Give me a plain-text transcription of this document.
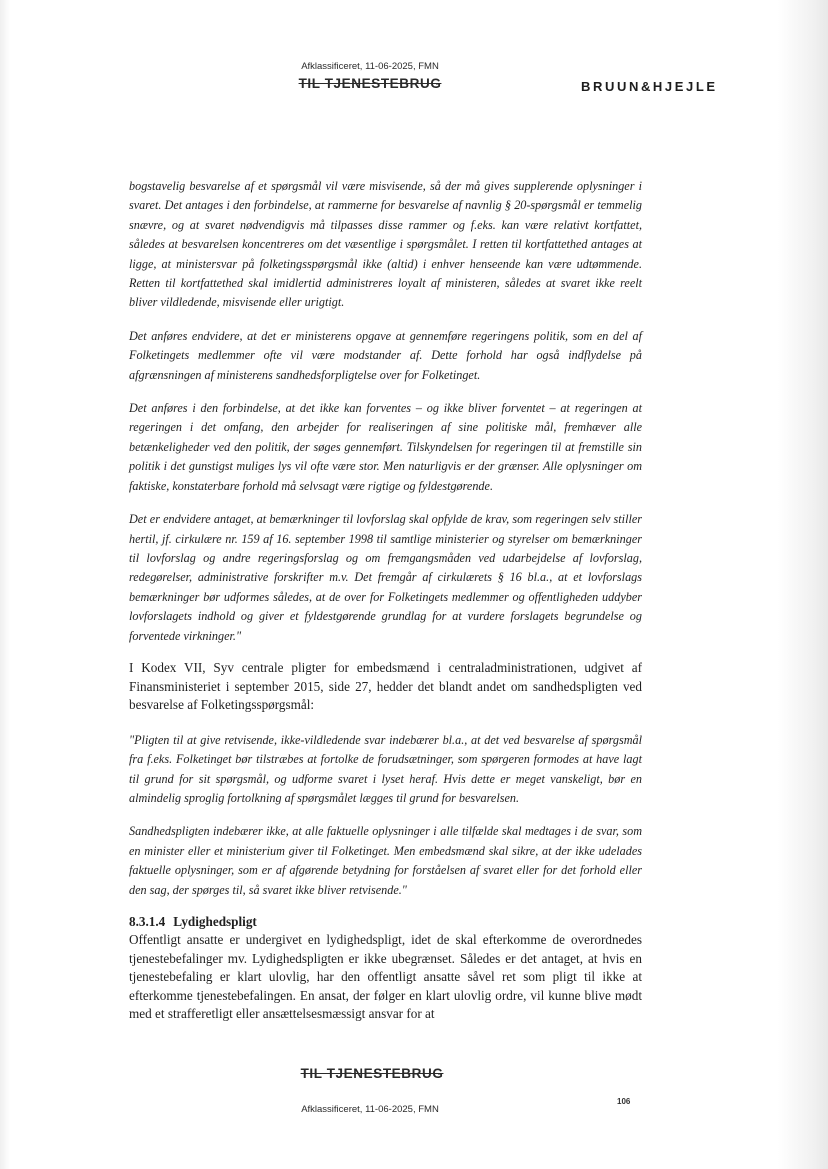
Afklassificeret, 11-06-2025, FMN
TIL TJENESTEBRUG	BRUUN&HJEJLE

bogstavelig besvarelse af et spørgsmål vil være misvisende, så der må gives supplerende oplysninger i svaret. Det antages i den forbindelse, at rammerne for besvarelse af navnlig § 20-spørgsmål er temmelig snævre, og at svaret nødvendigvis må tilpasses disse rammer og f.eks. kan være relativt kortfattet, således at besvarelsen koncentreres om det væsentlige i spørgsmålet. I retten til kortfattethed antages at ligge, at ministersvar på folketingsspørgsmål ikke (altid) i enhver henseende kan være udtømmende. Retten til kortfattethed skal imidlertid administreres loyalt af ministeren, således at svaret ikke reelt bliver vildledende, misvisende eller urigtigt.

Det anføres endvidere, at det er ministerens opgave at gennemføre regeringens politik, som en del af Folketingets medlemmer ofte vil være modstander af. Dette forhold har også indflydelse på afgrænsningen af ministerens sandhedsforpligtelse over for Folketinget.

Det anføres i den forbindelse, at det ikke kan forventes – og ikke bliver forventet – at regeringen at regeringen i det omfang, den arbejder for realiseringen af sine politiske mål, fremhæver alle betænkeligheder ved den politik, der søges gennemført. Tilskyndelsen for regeringen til at fremstille sin politik i det gunstigst muliges lys vil ofte være stor. Men naturligvis er der grænser. Alle oplysninger om faktiske, konstaterbare forhold må selvsagt være rigtige og fyldestgørende.

Det er endvidere antaget, at bemærkninger til lovforslag skal opfylde de krav, som regeringen selv stiller hertil, jf. cirkulære nr. 159 af 16. september 1998 til samtlige ministerier og styrelser om bemærkninger til lovforslag og andre regeringsforslag og om fremgangsmåden ved udarbejdelse af lovforslag, redegørelser, administrative forskrifter m.v. Det fremgår af cirkulærets § 16 bl.a., at et lovforslags bemærkninger bør udformes således, at de over for Folketingets medlemmer og offentligheden uddyber lovforslagets indhold og giver et fyldestgørende grundlag for at vurdere forslagets begrundelse og forventede virkninger."

I Kodex VII, Syv centrale pligter for embedsmænd i centraladministrationen, udgivet af Finansministeriet i september 2015, side 27, hedder det blandt andet om sandhedspligten ved besvarelse af Folketingsspørgsmål:

"Pligten til at give retvisende, ikke-vildledende svar indebærer bl.a., at det ved besvarelse af spørgsmål fra f.eks. Folketinget bør tilstræbes at fortolke de forudsætninger, som spørgeren formodes at have lagt til grund for sit spørgsmål, og udforme svaret i lyset heraf. Hvis dette er meget vanskeligt, bør en almindelig sproglig fortolkning af spørgsmålet lægges til grund for besvarelsen.

Sandhedspligten indebærer ikke, at alle faktuelle oplysninger i alle tilfælde skal medtages i de svar, som en minister eller et ministerium giver til Folketinget. Men embedsmænd skal sikre, at der ikke udelades faktuelle oplysninger, som er af afgørende betydning for forståelsen af svaret eller for det forhold eller den sag, der spørges til, så svaret ikke bliver retvisende."

8.3.1.4 Lydighedspligt

Offentligt ansatte er undergivet en lydighedspligt, idet de skal efterkomme de overordnedes tjenestebefalinger mv. Lydighedspligten er ikke ubegrænset. Således er det antaget, at hvis en tjenestebefaling er klart ulovlig, har den offentligt ansatte såvel ret som pligt til ikke at efterkomme tjenestebefalingen. En ansat, der følger en klart ulovlig ordre, vil kunne blive mødt med et strafferetligt eller ansættelsesmæssigt ansvar for at

TIL TJENESTEBRUG
106
Afklassificeret, 11-06-2025, FMN
